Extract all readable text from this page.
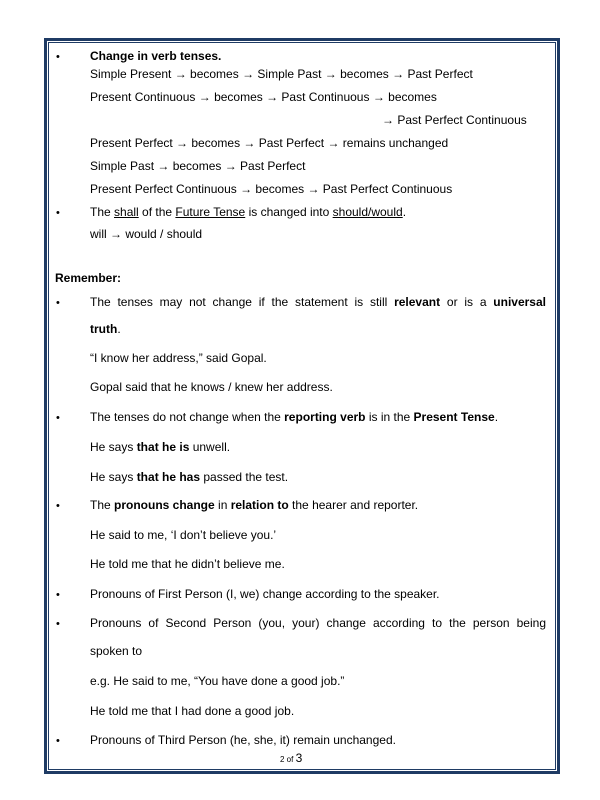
•	Change in verb tenses.
Simple Present → becomes → Simple Past → becomes → Past Perfect
Present Continuous → becomes → Past Continuous → becomes
→ Past Perfect Continuous
Present Perfect → becomes → Past Perfect → remains unchanged
Simple Past → becomes → Past Perfect
Present Perfect Continuous → becomes → Past Perfect Continuous
•	The shall of the Future Tense is changed into should/would.
will → would / should
Remember:
•	The tenses may not change if the statement is still relevant or is a universal
truth.
“I know her address,” said Gopal.
Gopal said that he knows / knew her address.
•	The tenses do not change when the reporting verb is in the Present Tense.
He says that he is unwell.
He says that he has passed the test.
•	The pronouns change in relation to the hearer and reporter.
He said to me, ‘I don’t believe you.’
He told me that he didn’t believe me.
•	Pronouns of First Person (I, we) change according to the speaker.
•	Pronouns of Second Person (you, your) change according to the person being
spoken to
e.g. He said to me, “You have done a good job.”
He told me that I had done a good job.
•	Pronouns of Third Person (he, she, it) remain unchanged.
2 of 3
